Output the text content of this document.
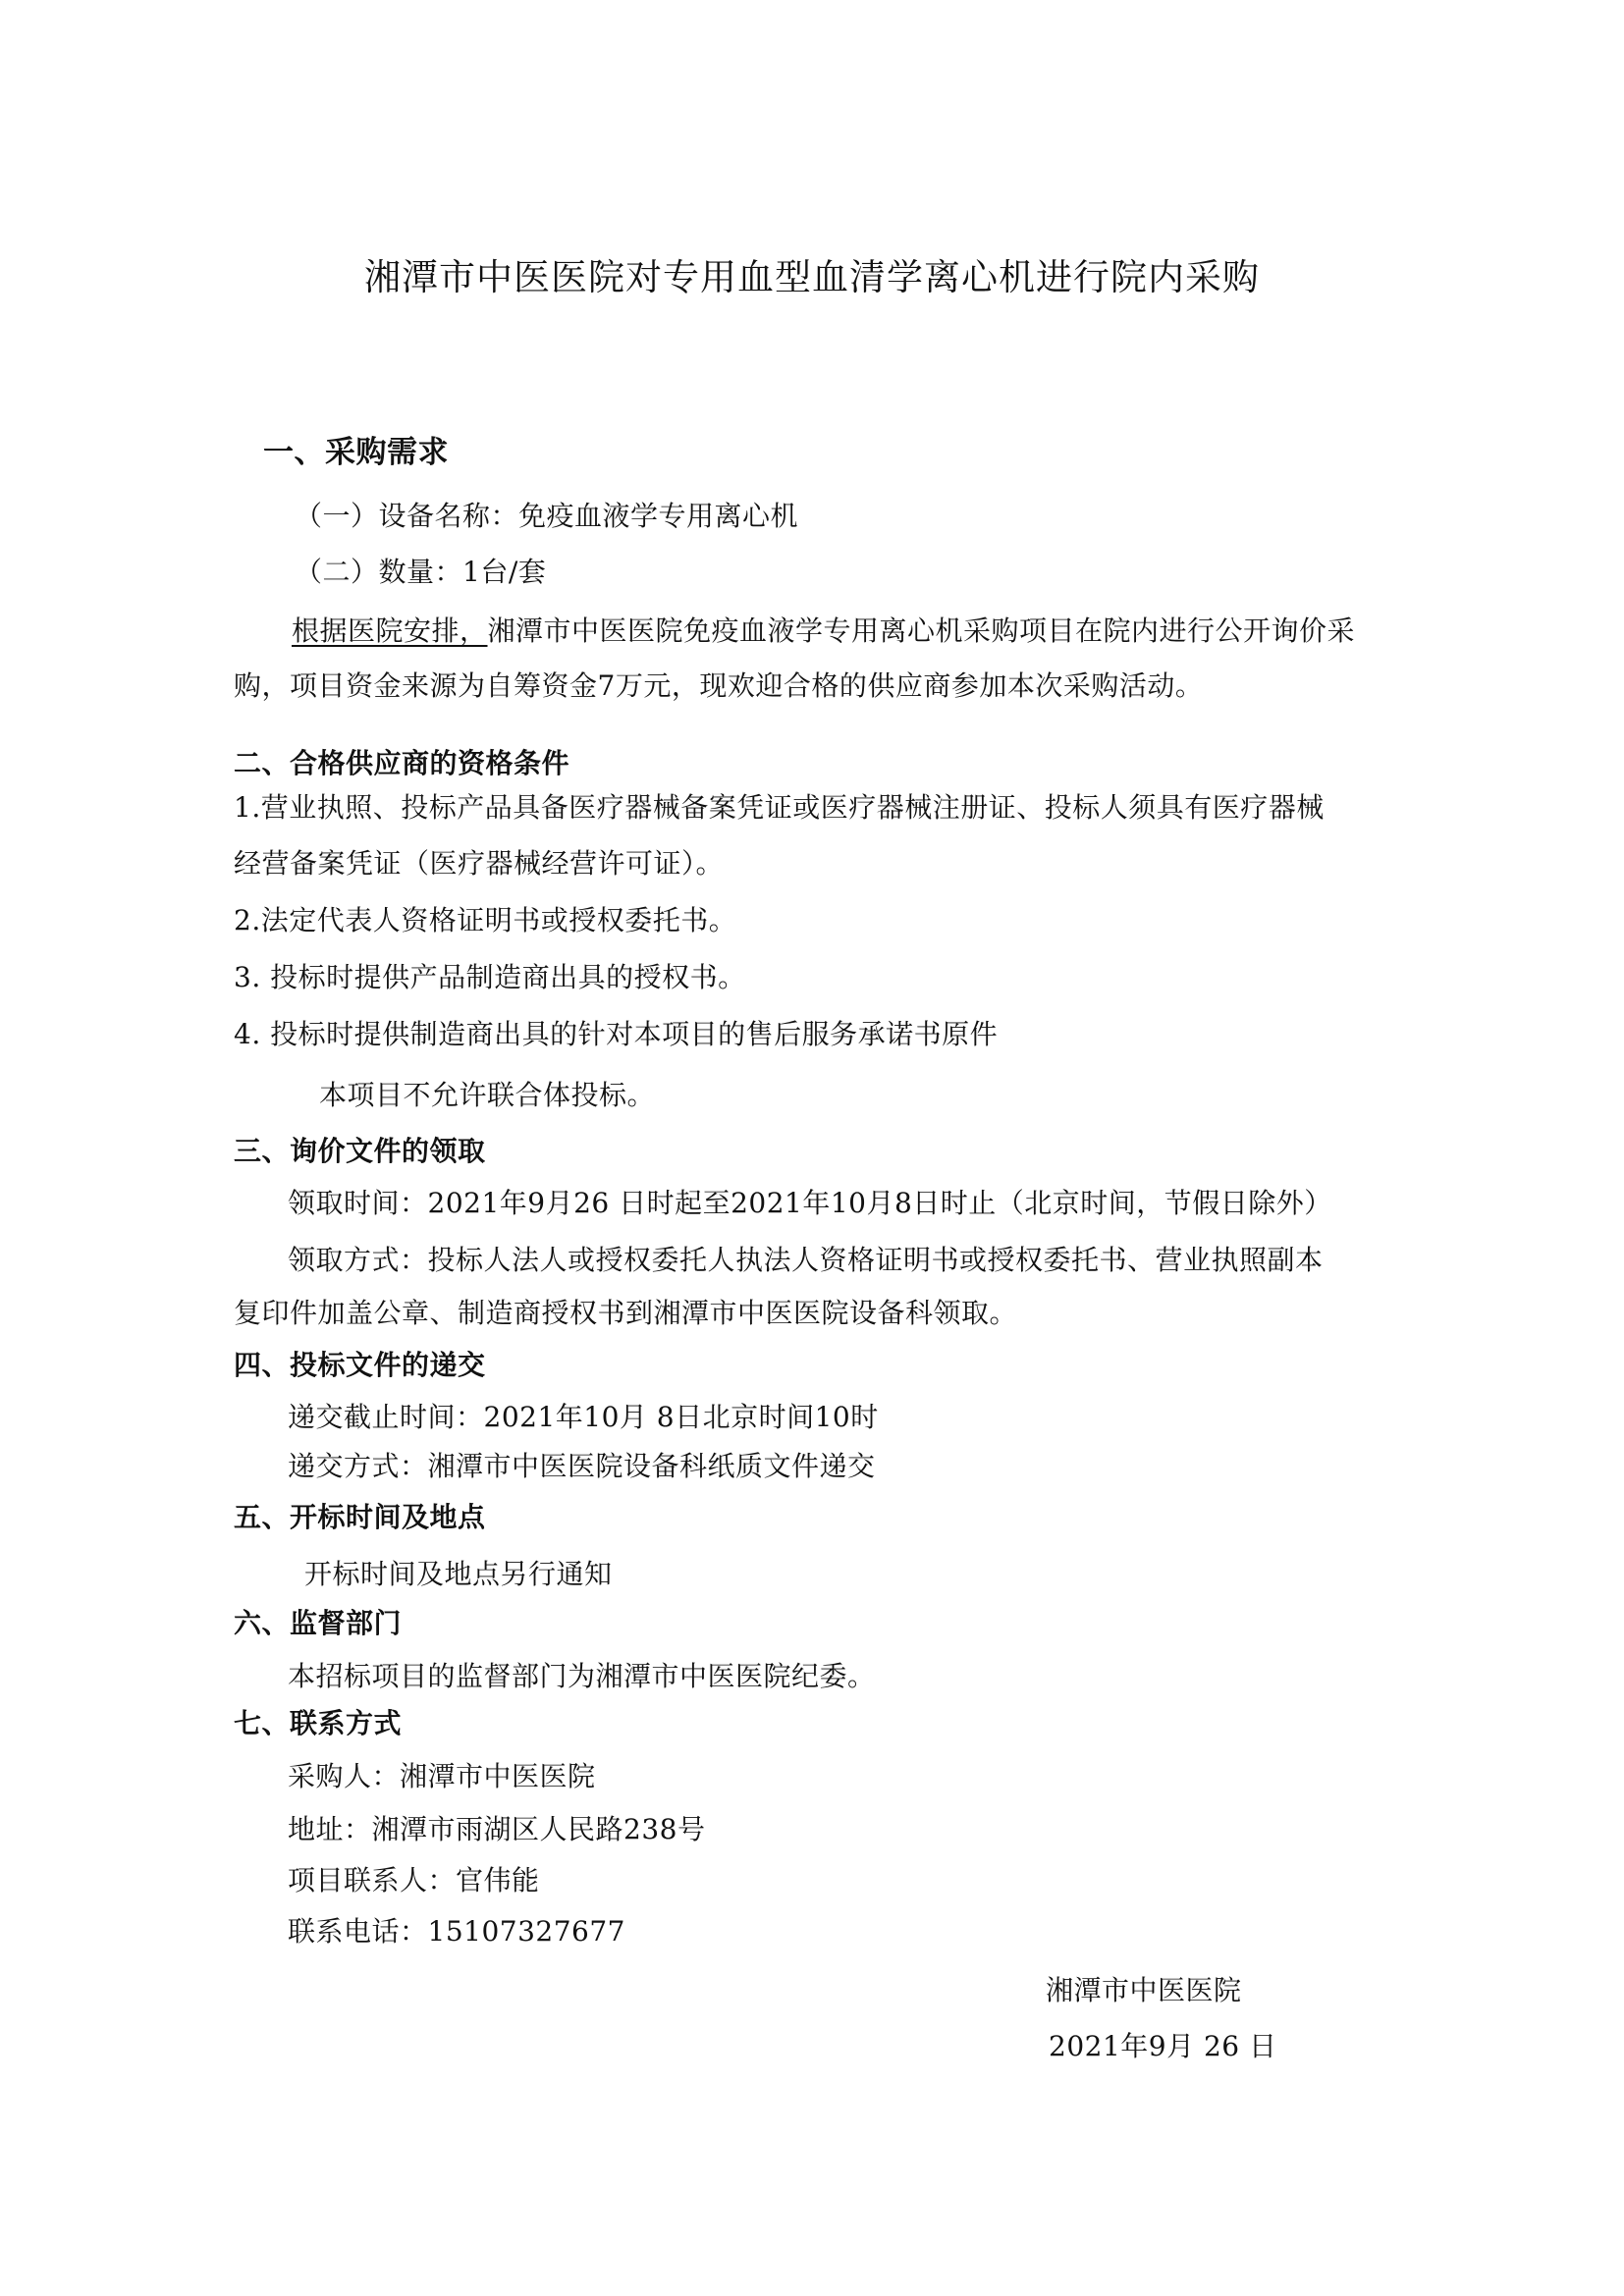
湘潭市中医医院对专用血型血清学离心机进行院内采购
一、采购需求
（一）设备名称：免疫血液学专用离心机
（二）数量：1台/套
根据医院安排，湘潭市中医医院免疫血液学专用离心机采购项目在院内进行公开询价采
购，项目资金来源为自筹资金7万元，现欢迎合格的供应商参加本次采购活动。
二、合格供应商的资格条件
1.营业执照、投标产品具备医疗器械备案凭证或医疗器械注册证、投标人须具有医疗器械
经营备案凭证（医疗器械经营许可证）。
2.法定代表人资格证明书或授权委托书。
3. 投标时提供产品制造商出具的授权书。
4. 投标时提供制造商出具的针对本项目的售后服务承诺书原件
本项目不允许联合体投标。
三、询价文件的领取
领取时间：2021年9月26 日时起至2021年10月8日时止（北京时间，节假日除外）
领取方式：投标人法人或授权委托人执法人资格证明书或授权委托书、营业执照副本
复印件加盖公章、制造商授权书到湘潭市中医医院设备科领取。
四、投标文件的递交
递交截止时间：2021年10月 8日北京时间10时
递交方式：湘潭市中医医院设备科纸质文件递交
五、开标时间及地点
开标时间及地点另行通知
六、监督部门
本招标项目的监督部门为湘潭市中医医院纪委。
七、联系方式
采购人：湘潭市中医医院
地址：湘潭市雨湖区人民路238号
项目联系人：官伟能
联系电话：15107327677
湘潭市中医医院
2021年9月 26 日
